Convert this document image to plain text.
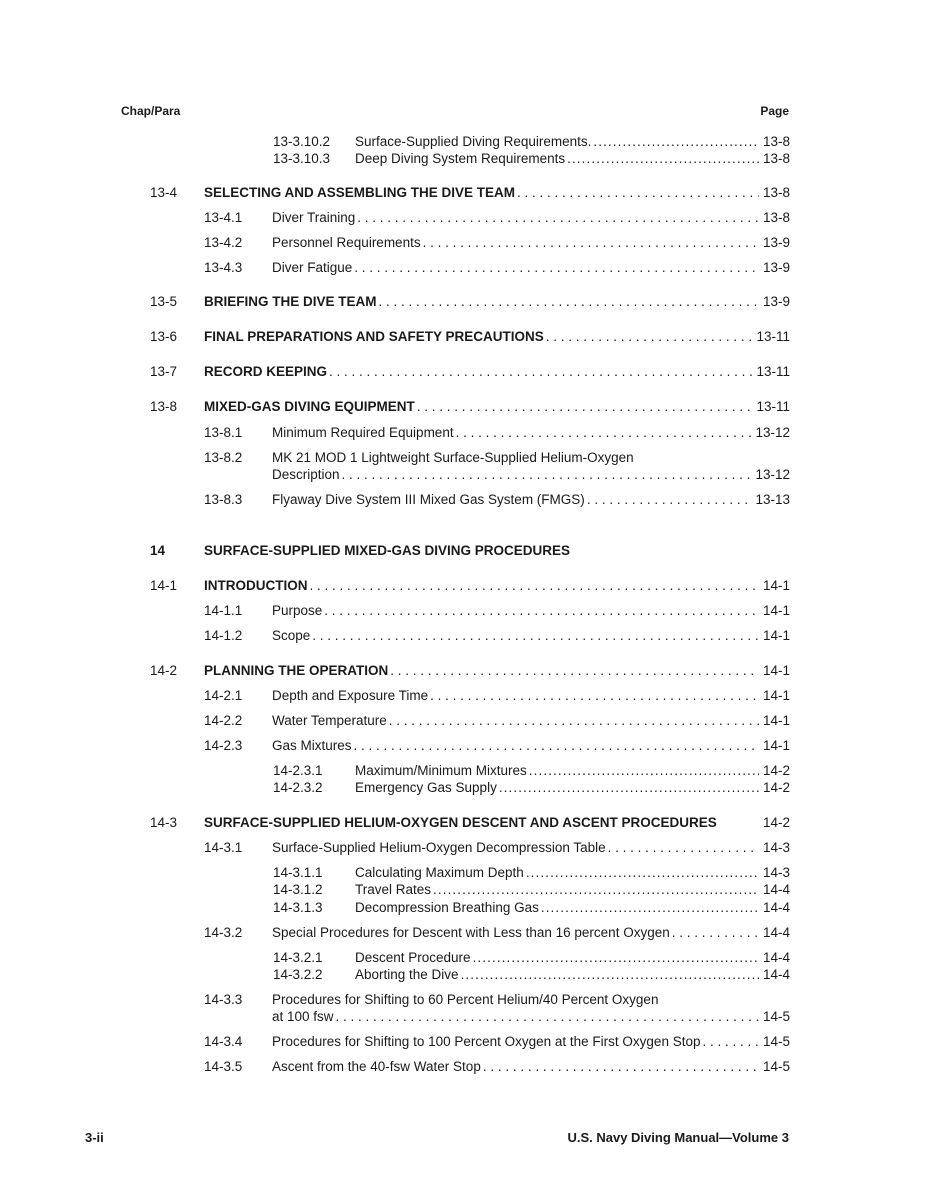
Chap/Para	Page
13-3.10.2	Surface-Supplied Diving Requirements. .....	13-8
13-3.10.3	Deep Diving System Requirements .....	13-8
13-4	SELECTING AND ASSEMBLING THE DIVE TEAM . . .	13-8
13-4.1	Diver Training . . .	13-8
13-4.2	Personnel Requirements . . .	13-9
13-4.3	Diver Fatigue . . .	13-9
13-5	BRIEFING THE DIVE TEAM . . .	13-9
13-6	FINAL PREPARATIONS AND SAFETY PRECAUTIONS . . .	13-11
13-7	RECORD KEEPING . . .	13-11
13-8	MIXED-GAS DIVING EQUIPMENT . . .	13-11
13-8.1	Minimum Required Equipment . . .	13-12
13-8.2	MK 21 MOD 1 Lightweight Surface-Supplied Helium-Oxygen
Description . . .	13-12
13-8.3	Flyaway Dive System III Mixed Gas System (FMGS) . . .	13-13
14	SURFACE-SUPPLIED MIXED-GAS DIVING PROCEDURES
14-1	INTRODUCTION . . .	14-1
14-1.1	Purpose . . .	14-1
14-1.2	Scope . . .	14-1
14-2	PLANNING THE OPERATION . . .	14-1
14-2.1	Depth and Exposure Time . . .	14-1
14-2.2	Water Temperature . . .	14-1
14-2.3	Gas Mixtures . . .	14-1
14-2.3.1	Maximum/Minimum Mixtures .....	14-2
14-2.3.2	Emergency Gas Supply .....	14-2
14-3	SURFACE-SUPPLIED HELIUM-OXYGEN DESCENT AND ASCENT PROCEDURES	14-2
14-3.1	Surface-Supplied Helium-Oxygen Decompression Table . . .	14-3
14-3.1.1	Calculating Maximum Depth .....	14-3
14-3.1.2	Travel Rates .....	14-4
14-3.1.3	Decompression Breathing Gas .....	14-4
14-3.2	Special Procedures for Descent with Less than 16 percent Oxygen . . .	14-4
14-3.2.1	Descent Procedure .....	14-4
14-3.2.2	Aborting the Dive .....	14-4
14-3.3	Procedures for Shifting to 60 Percent Helium/40 Percent Oxygen
at 100 fsw . . .	14-5
14-3.4	Procedures for Shifting to 100 Percent Oxygen at the First Oxygen Stop . . .	14-5
14-3.5	Ascent from the 40-fsw Water Stop . . .	14-5
3-ii	U.S. Navy Diving Manual—Volume 3
